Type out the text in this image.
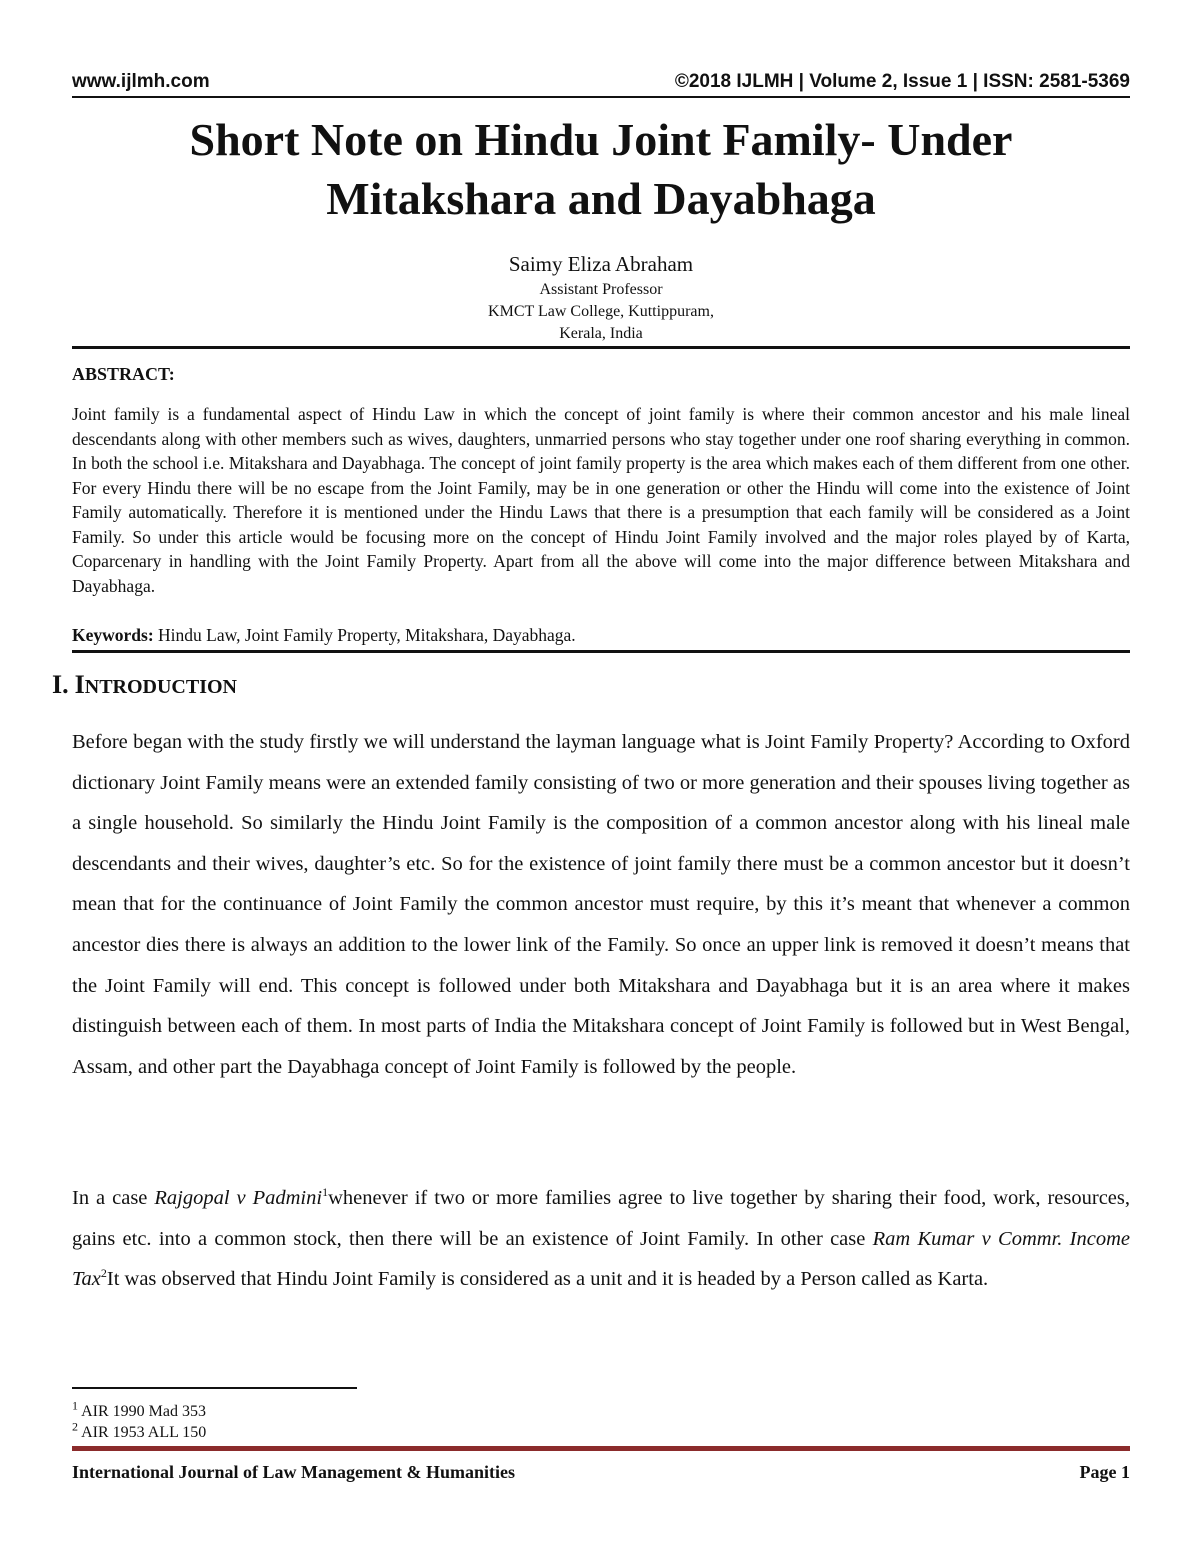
www.ijlmh.com	©2018 IJLMH | Volume 2, Issue 1 | ISSN: 2581-5369
Short Note on Hindu Joint Family- Under
Mitakshara and Dayabhaga
Saimy Eliza Abraham
Assistant Professor
KMCT Law College, Kuttippuram,
Kerala, India
ABSTRACT:

Joint family is a fundamental aspect of Hindu Law in which the concept of joint family is where their common ancestor and his male lineal descendants along with other members such as wives, daughters, unmarried persons who stay together under one roof sharing everything in common. In both the school i.e. Mitakshara and Dayabhaga. The concept of joint family property is the area which makes each of them different from one other. For every Hindu there will be no escape from the Joint Family, may be in one generation or other the Hindu will come into the existence of Joint Family automatically. Therefore it is mentioned under the Hindu Laws that there is a presumption that each family will be considered as a Joint Family. So under this article would be focusing more on the concept of Hindu Joint Family involved and the major roles played by of Karta, Coparcenary in handling with the Joint Family Property. Apart from all the above will come into the major difference between Mitakshara and Dayabhaga.

Keywords: Hindu Law, Joint Family Property, Mitakshara, Dayabhaga.

I. INTRODUCTION

Before began with the study firstly we will understand the layman language what is Joint Family Property? According to Oxford dictionary Joint Family means were an extended family consisting of two or more generation and their spouses living together as a single household. So similarly the Hindu Joint Family is the composition of a common ancestor along with his lineal male descendants and their wives, daughter’s etc. So for the existence of joint family there must be a common ancestor but it doesn’t mean that for the continuance of Joint Family the common ancestor must require, by this it’s meant that whenever a common ancestor dies there is always an addition to the lower link of the Family. So once an upper link is removed it doesn’t means that the Joint Family will end. This concept is followed under both Mitakshara and Dayabhaga but it is an area where it makes distinguish between each of them. In most parts of India the Mitakshara concept of Joint Family is followed but in West Bengal, Assam, and other part the Dayabhaga concept of Joint Family is followed by the people.

In a case Rajgopal v Padmini$^1$whenever if two or more families agree to live together by sharing their food, work, resources, gains etc. into a common stock, then there will be an existence of Joint Family. In other case Ram Kumar v Commr. Income Tax$^2$It was observed that Hindu Joint Family is considered as a unit and it is headed by a Person called as Karta.

$^1$ AIR 1990 Mad 353
$^2$ AIR 1953 ALL 150
International Journal of Law Management & Humanities	Page 1
